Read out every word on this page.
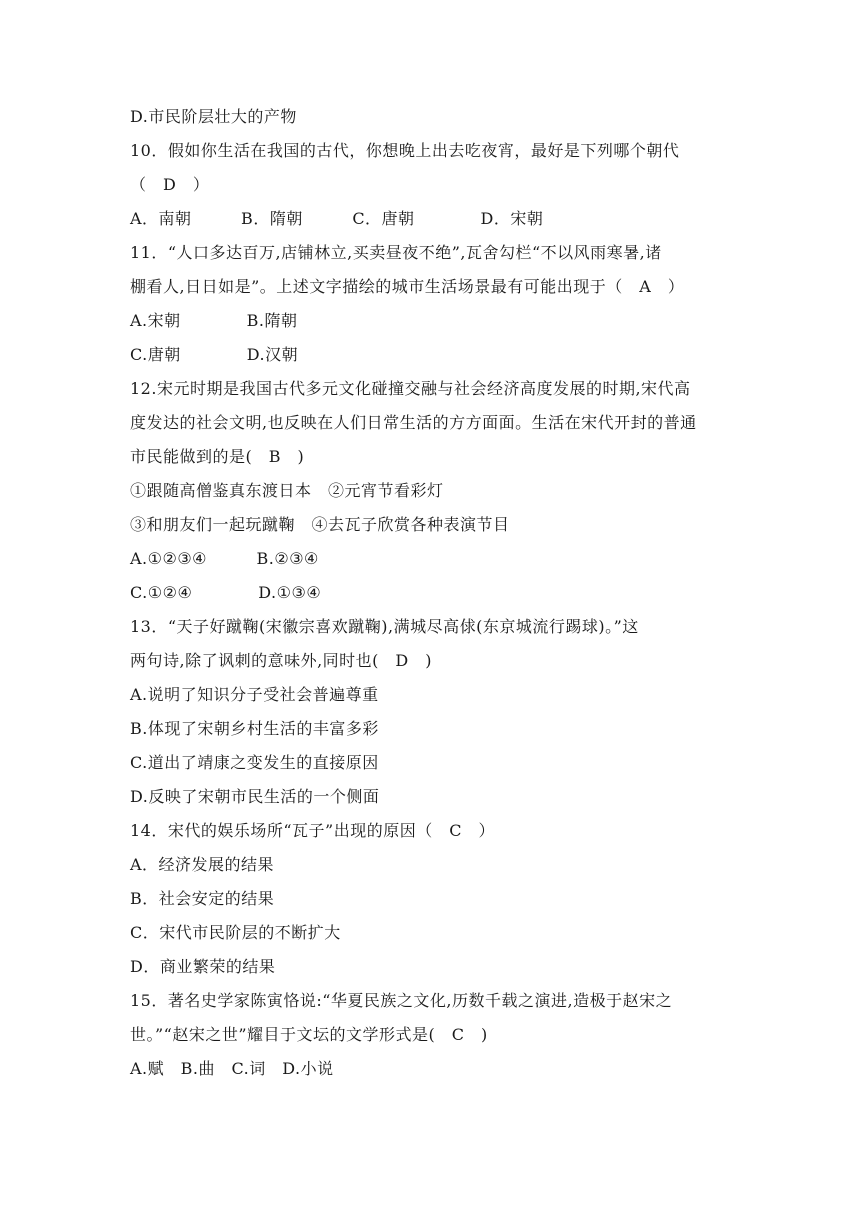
D.市民阶层壮大的产物
10．假如你生活在我国的古代，你想晚上出去吃夜宵，最好是下列哪个朝代
（　D　）
A．南朝　　　B．隋朝　　　C．唐朝　　　　D．宋朝
11．“人口多达百万,店铺林立,买卖昼夜不绝”,瓦舍勾栏“不以风雨寒暑,诸
棚看人,日日如是”。上述文字描绘的城市生活场景最有可能出现于（　A　）
A.宋朝　　　　B.隋朝
C.唐朝　　　　D.汉朝
12.宋元时期是我国古代多元文化碰撞交融与社会经济高度发展的时期,宋代高
度发达的社会文明,也反映在人们日常生活的方方面面。生活在宋代开封的普通
市民能做到的是(　B　)
①跟随高僧鉴真东渡日本　②元宵节看彩灯
③和朋友们一起玩蹴鞠　④去瓦子欣赏各种表演节目
A.①②③④　　　B.②③④
C.①②④　　　　D.①③④
13．“天子好蹴鞠(宋徽宗喜欢蹴鞠),满城尽高俅(东京城流行踢球)。”这
两句诗,除了讽刺的意味外,同时也(　D　)
A.说明了知识分子受社会普遍尊重
B.体现了宋朝乡村生活的丰富多彩
C.道出了靖康之变发生的直接原因
D.反映了宋朝市民生活的一个侧面
14．宋代的娱乐场所“瓦子”出现的原因（　C　）
A．经济发展的结果
B．社会安定的结果
C．宋代市民阶层的不断扩大
D．商业繁荣的结果
15．著名史学家陈寅恪说:“华夏民族之文化,历数千载之演进,造极于赵宋之
世。”“赵宋之世”耀目于文坛的文学形式是(　C　)
A.赋　B.曲　C.词　D.小说
